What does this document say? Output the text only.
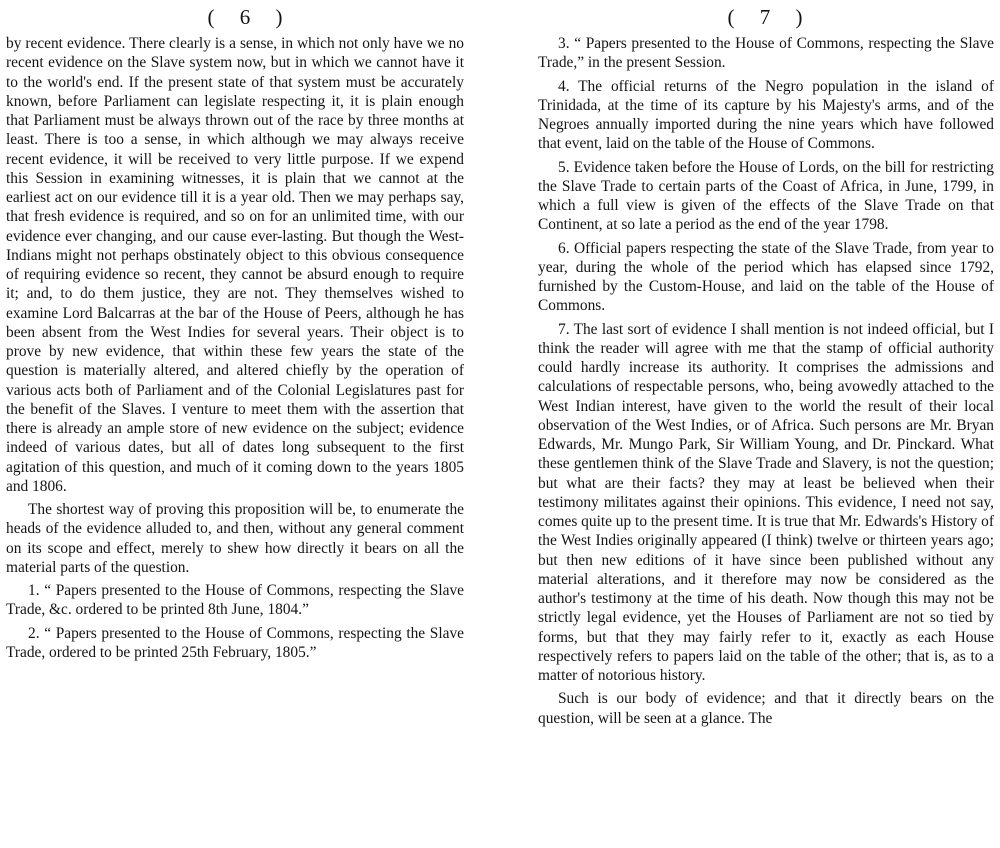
( 6 )

by recent evidence. There clearly is a sense, in which not only have we no recent evidence on the Slave system now, but in which we cannot have it to the world's end. If the present state of that system must be accurately known, before Parliament can legislate respecting it, it is plain enough that Parliament must be always thrown out of the race by three months at least. There is too a sense, in which although we may always receive recent evidence, it will be received to very little purpose. If we expend this Session in examining witnesses, it is plain that we cannot at the earliest act on our evidence till it is a year old. Then we may perhaps say, that fresh evidence is required, and so on for an unlimited time, with our evidence ever changing, and our cause ever-lasting. But though the West-Indians might not perhaps obstinately object to this obvious consequence of requiring evidence so recent, they cannot be absurd enough to require it; and, to do them justice, they are not. They themselves wished to examine Lord Balcarras at the bar of the House of Peers, although he has been absent from the West Indies for several years. Their object is to prove by new evidence, that within these few years the state of the question is materially altered, and altered chiefly by the operation of various acts both of Parliament and of the Colonial Legislatures past for the benefit of the Slaves. I venture to meet them with the assertion that there is already an ample store of new evidence on the subject; evidence indeed of various dates, but all of dates long subsequent to the first agitation of this question, and much of it coming down to the years 1805 and 1806.

The shortest way of proving this proposition will be, to enumerate the heads of the evidence alluded to, and then, without any general comment on its scope and effect, merely to shew how directly it bears on all the material parts of the question.

1. “ Papers presented to the House of Commons, respecting the Slave Trade, &c. ordered to be printed 8th June, 1804.”

2. “ Papers presented to the House of Commons, respecting the Slave Trade, ordered to be printed 25th February, 1805.”

( 7 )

3. “ Papers presented to the House of Commons, respecting the Slave Trade,” in the present Session.

4. The official returns of the Negro population in the island of Trinidada, at the time of its capture by his Majesty's arms, and of the Negroes annually imported during the nine years which have followed that event, laid on the table of the House of Commons.

5. Evidence taken before the House of Lords, on the bill for restricting the Slave Trade to certain parts of the Coast of Africa, in June, 1799, in which a full view is given of the effects of the Slave Trade on that Continent, at so late a period as the end of the year 1798.

6. Official papers respecting the state of the Slave Trade, from year to year, during the whole of the period which has elapsed since 1792, furnished by the Custom-House, and laid on the table of the House of Commons.

7. The last sort of evidence I shall mention is not indeed official, but I think the reader will agree with me that the stamp of official authority could hardly increase its authority. It comprises the admissions and calculations of respectable persons, who, being avowedly attached to the West Indian interest, have given to the world the result of their local observation of the West Indies, or of Africa. Such persons are Mr. Bryan Edwards, Mr. Mungo Park, Sir William Young, and Dr. Pinckard. What these gentlemen think of the Slave Trade and Slavery, is not the question; but what are their facts? they may at least be believed when their testimony militates against their opinions. This evidence, I need not say, comes quite up to the present time. It is true that Mr. Edwards's History of the West Indies originally appeared (I think) twelve or thirteen years ago; but then new editions of it have since been published without any material alterations, and it therefore may now be considered as the author's testimony at the time of his death. Now though this may not be strictly legal evidence, yet the Houses of Parliament are not so tied by forms, but that they may fairly refer to it, exactly as each House respectively refers to papers laid on the table of the other; that is, as to a matter of notorious history.

Such is our body of evidence; and that it directly bears on the question, will be seen at a glance. The
